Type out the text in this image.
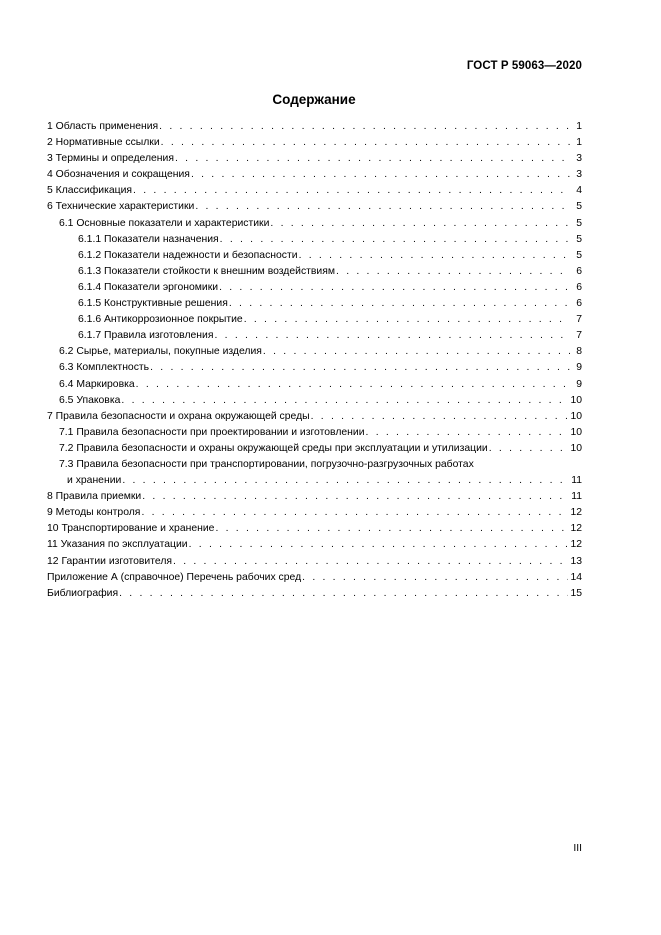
ГОСТ Р 59063—2020
Содержание
1 Область применения . . .	1
2 Нормативные ссылки . . .	1
3 Термины и определения . . .	3
4 Обозначения и сокращения . . .	3
5 Классификация . . .	4
6 Технические характеристики . . .	5
6.1 Основные показатели и характеристики . . .	5
6.1.1 Показатели назначения . . .	5
6.1.2 Показатели надежности и безопасности . . .	5
6.1.3 Показатели стойкости к внешним воздействиям . . .	6
6.1.4 Показатели эргономики . . .	6
6.1.5 Конструктивные решения . . .	6
6.1.6 Антикоррозионное покрытие . . .	7
6.1.7 Правила изготовления . . .	7
6.2 Сырье, материалы, покупные изделия . . .	8
6.3 Комплектность . . .	9
6.4 Маркировка . . .	9
6.5 Упаковка . . .	10
7 Правила безопасности и охрана окружающей среды . . .	10
7.1 Правила безопасности при проектировании и изготовлении . . .	10
7.2 Правила безопасности и охраны окружающей среды при эксплуатации и утилизации . . .	10
7.3 Правила безопасности при транспортировании, погрузочно-разгрузочных работах
и хранении . . .	11
8 Правила приемки . . .	11
9 Методы контроля . . .	12
10 Транспортирование и хранение . . .	12
11 Указания по эксплуатации . . .	12
12 Гарантии изготовителя . . .	13
Приложение А (справочное) Перечень рабочих сред . . .	14
Библиография . . .	15
III
